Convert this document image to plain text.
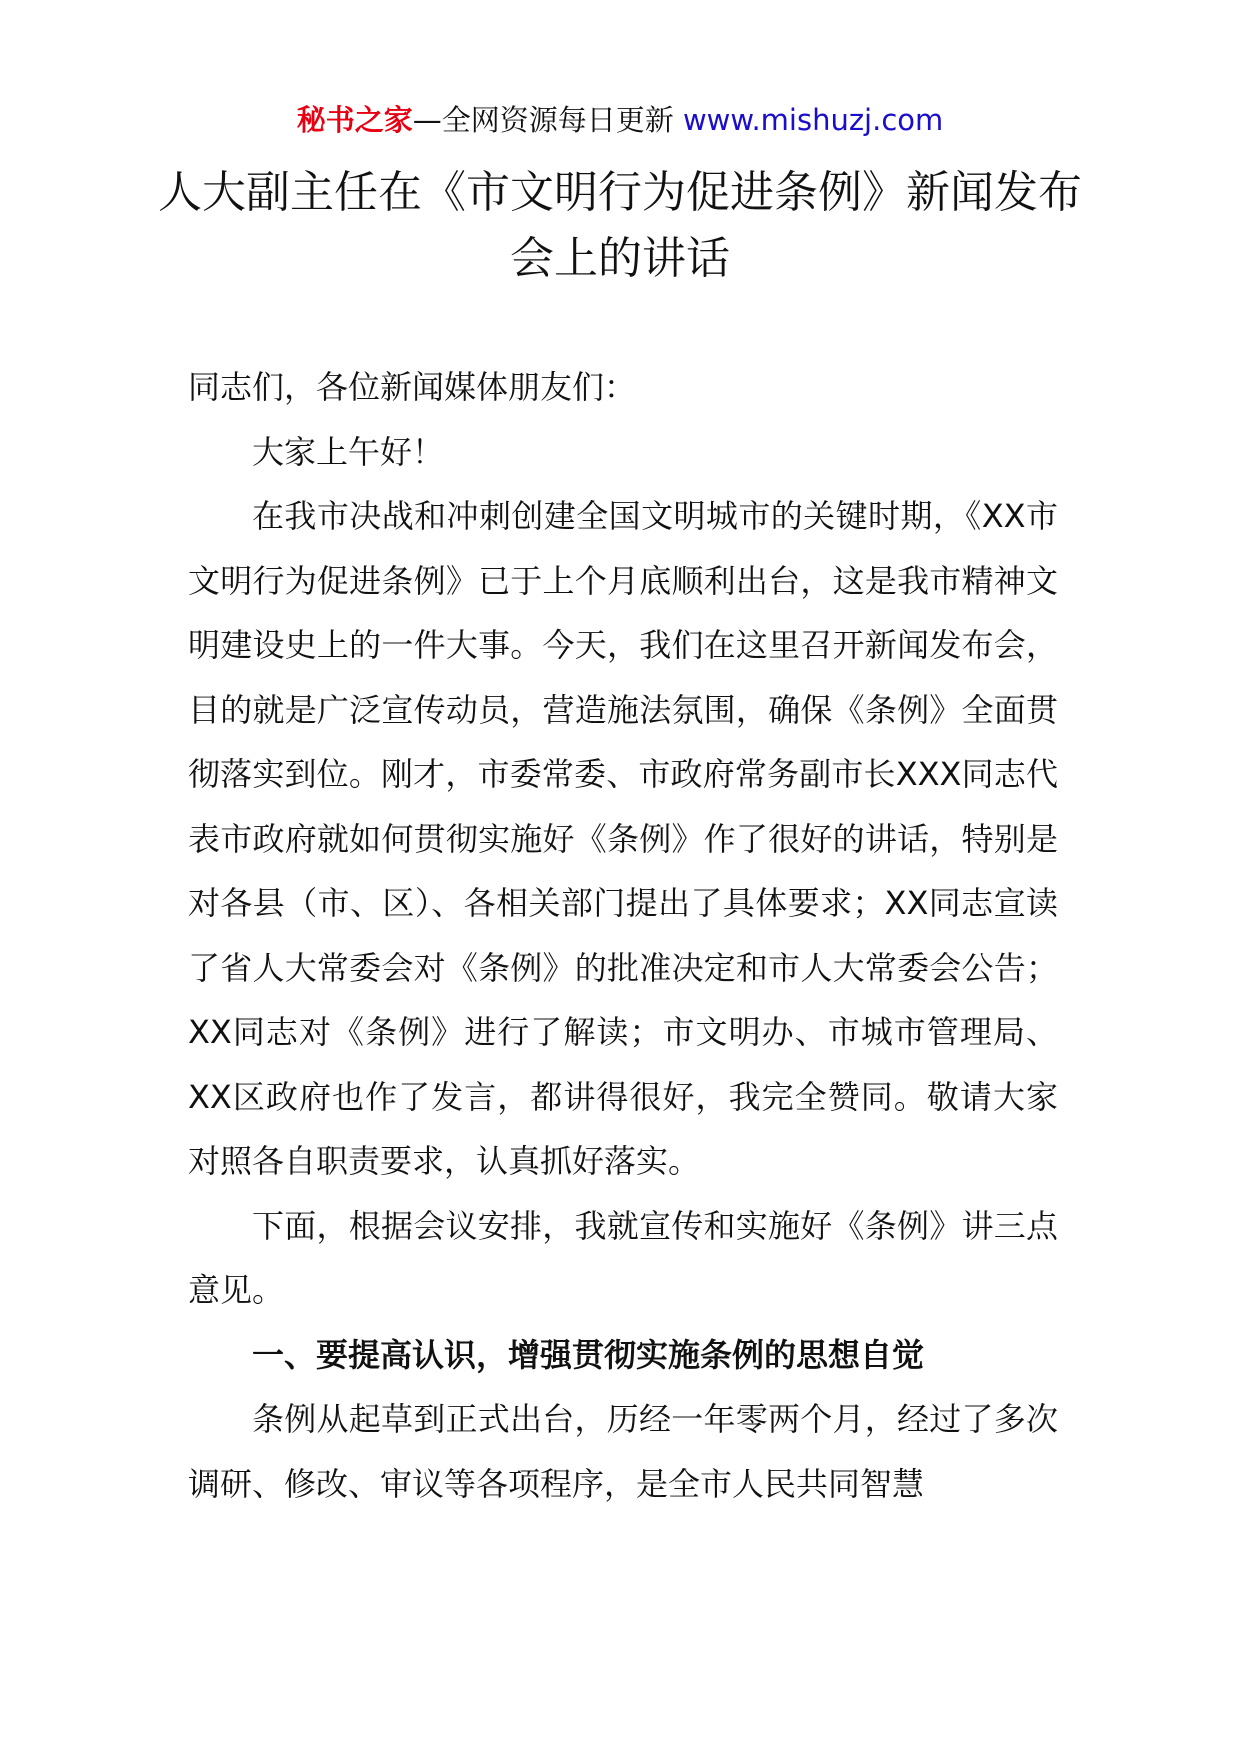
秘书之家—全网资源每日更新 www.mishuzj.com
人大副主任在《市文明行为促进条例》新闻发布会上的讲话

同志们，各位新闻媒体朋友们：

大家上午好！

在我市决战和冲刺创建全国文明城市的关键时期，《XX市文明行为促进条例》已于上个月底顺利出台，这是我市精神文明建设史上的一件大事。今天，我们在这里召开新闻发布会，目的就是广泛宣传动员，营造施法氛围，确保《条例》全面贯彻落实到位。刚才，市委常委、市政府常务副市长XXX同志代表市政府就如何贯彻实施好《条例》作了很好的讲话，特别是对各县（市、区）、各相关部门提出了具体要求；XX同志宣读了省人大常委会对《条例》的批准决定和市人大常委会公告；XX同志对《条例》进行了解读；市文明办、市城市管理局、XX区政府也作了发言，都讲得很好，我完全赞同。敬请大家对照各自职责要求，认真抓好落实。

下面，根据会议安排，我就宣传和实施好《条例》讲三点意见。

一、要提高认识，增强贯彻实施条例的思想自觉

条例从起草到正式出台，历经一年零两个月，经过了多次调研、修改、审议等各项程序，是全市人民共同智慧
